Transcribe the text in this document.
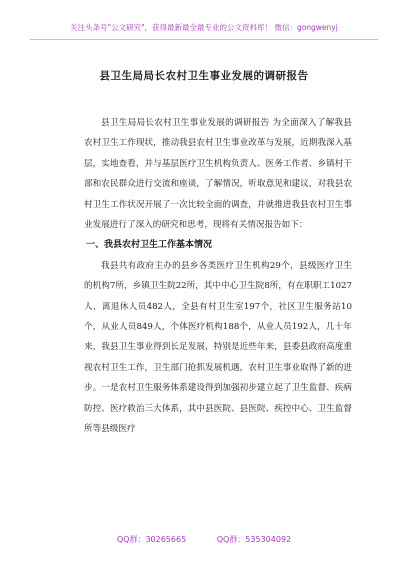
关注头条号"公文研究"，获得最新最全最专业的公文资料库！ 微信：gongwenyj
县卫生局局长农村卫生事业发展的调研报告

县卫生局局长农村卫生事业发展的调研报告 为全面深入了解我县农村卫生工作现状，推动我县农村卫生事业改革与发展，近期我深入基层，实地查看，并与基层医疗卫生机构负责人、医务工作者、乡镇村干部和农民群众进行交流和座谈，了解情况，听取意见和建议，对我县农村卫生工作状况开展了一次比较全面的调查，并就推进我县农村卫生事业发展进行了深入的研究和思考，现将有关情况报告如下：

一、我县农村卫生工作基本情况

我县共有政府主办的县乡各类医疗卫生机构29个，县级医疗卫生的机构7所，乡镇卫生院22所，其中中心卫生院8所，有在职职工1027人，离退休人员482人，全县有村卫生室197个，社区卫生服务站10个，从业人员849人，个体医疗机构188个，从业人员192人，几十年来，我县卫生事业得到长足发展，特别是近些年来，县委县政府高度重视农村卫生工作，卫生部门抢抓发展机遇，农村卫生事业取得了新的进步。一是农村卫生服务体系建设得到加强初步建立起了卫生监督、疾病防控、医疗救治三大体系，其中县医院、县医院、疾控中心、卫生监督所等县级医疗

QQ群：30265665	QQ群：535304092
